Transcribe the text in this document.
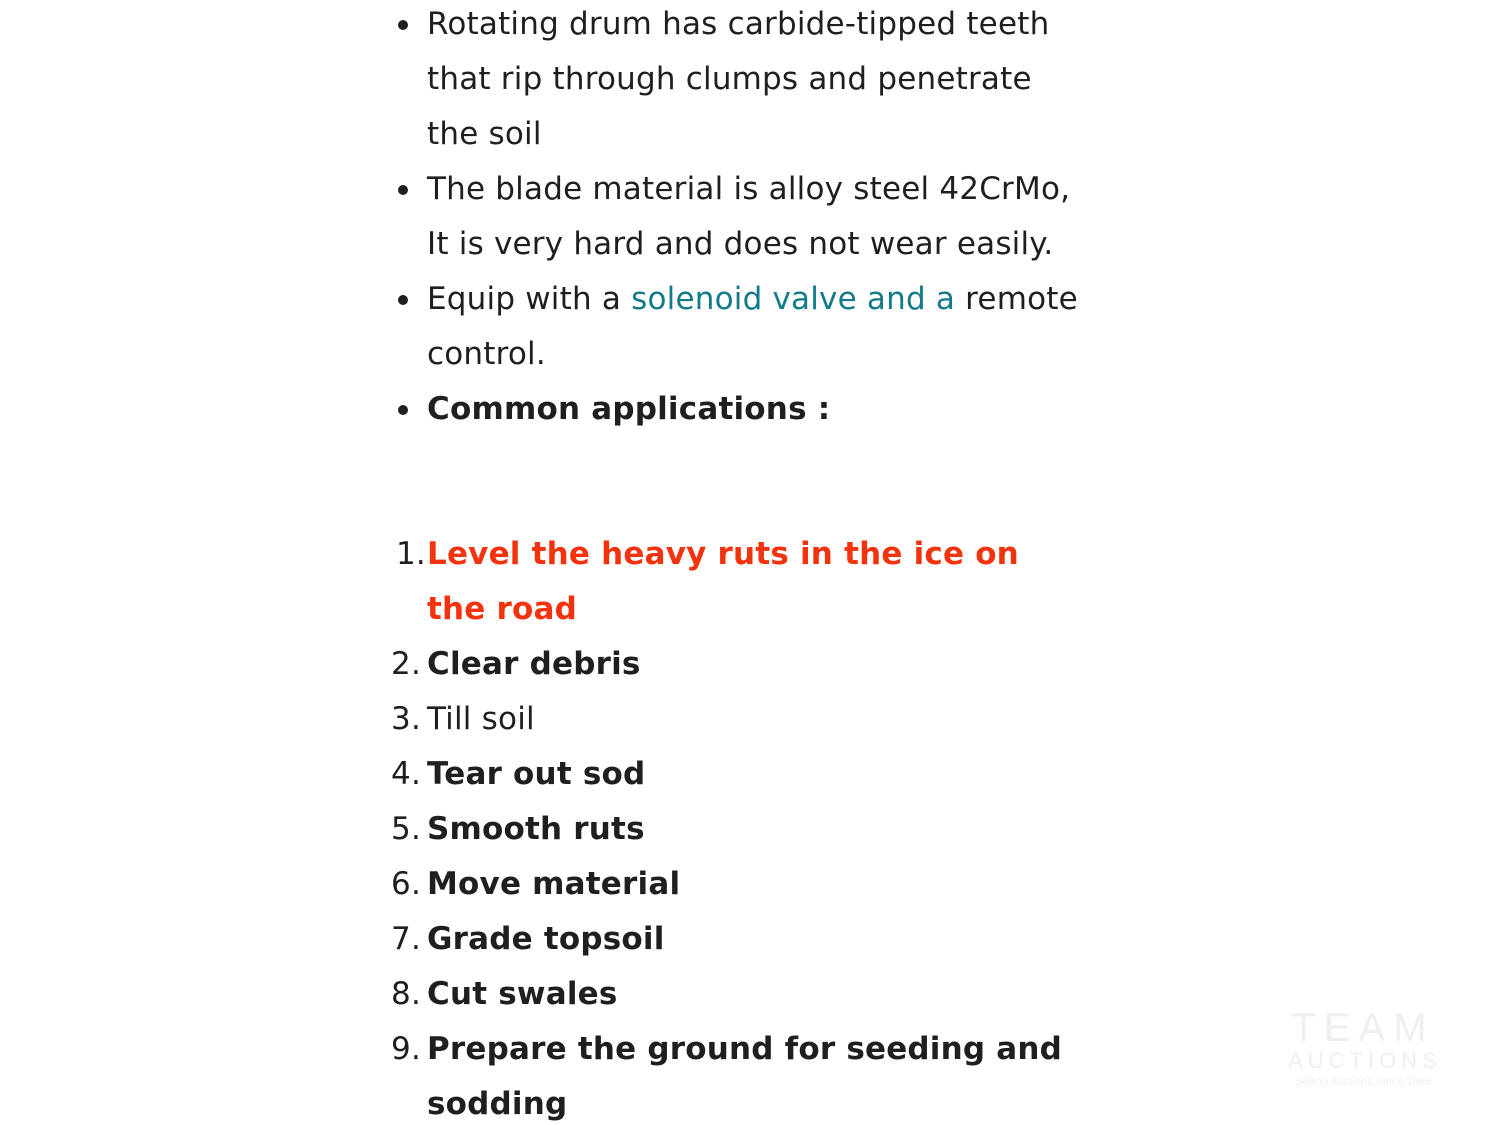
Rotating drum has carbide-tipped teeth that rip through clumps and penetrate the soil
The blade material is alloy steel 42CrMo, It is very hard and does not wear easily.
Equip with a solenoid valve and a remote control.
Common applications :
1. Level the heavy ruts in the ice on the road
2. Clear debris
3. Till soil
4. Tear out sod
5. Smooth ruts
6. Move material
7. Grade topsoil
8. Cut swales
9. Prepare the ground for seeding and sodding
TEAM
AUCTIONS
Selling Auctions Since 1966
